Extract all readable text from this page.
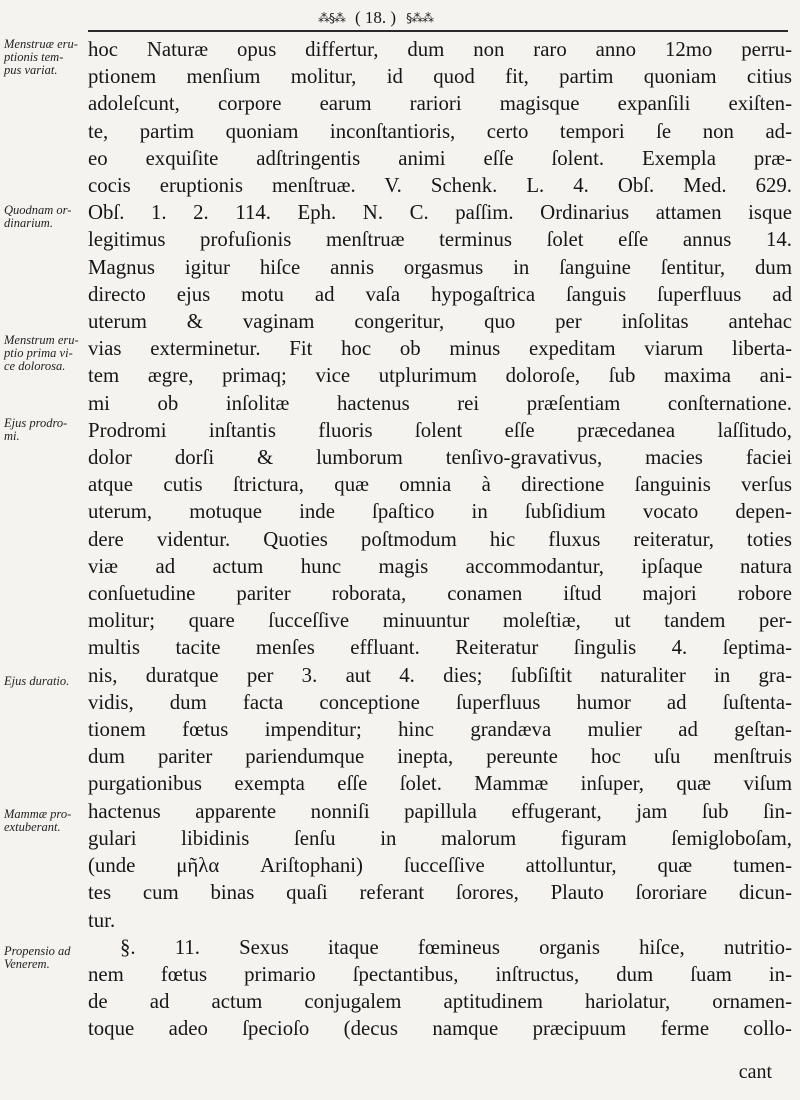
⁂§⁂ ( 18. ) §⁂⁂
Menstruæ eru-ptionis tem-pus variat.
Quodnam or-dinarium.
Menstrum eru-ptio prima vi-ce dolorosa.
Ejus prodro-mi.
Ejus duratio.
Mammæ pro-extuberant.
Propensio ad Venerem.
hoc Naturæ opus differtur, dum non raro anno 12mo perru-
ptionem menſium molitur, id quod fit, partim quoniam citius
adoleſcunt, corpore earum rariori magisque expanſili exiſten-
te, partim quoniam inconſtantioris, certo tempori ſe non ad-
eo exquiſite adſtringentis animi eſſe ſolent. Exempla præ-
cocis eruptionis menſtruæ. V. Schenk. L. 4. Obſ. Med. 629.
Obſ. 1. 2. 114. Eph. N. C. paſſim. Ordinarius attamen isque
legitimus profuſionis menſtruæ terminus ſolet eſſe annus 14.
Magnus igitur hiſce annis orgasmus in ſanguine ſentitur, dum
directo ejus motu ad vaſa hypogaſtrica ſanguis ſuperfluus ad
uterum & vaginam congeritur, quo per inſolitas antehac
vias exterminetur. Fit hoc ob minus expeditam viarum liberta-
tem ægre, primaq; vice utplurimum doloroſe, ſub maxima ani-
mi ob inſolitæ hactenus rei præſentiam conſternatione.
Prodromi inſtantis fluoris ſolent eſſe præcedanea laſſitudo,
dolor dorſi & lumborum tenſivo-gravativus, macies faciei
atque cutis ſtrictura, quæ omnia à directione ſanguinis verſus
uterum, motuque inde ſpaſtico in ſubſidium vocato depen-
dere videntur. Quoties poſtmodum hic fluxus reiteratur, toties
viæ ad actum hunc magis accommodantur, ipſaque natura
conſuetudine pariter roborata, conamen iſtud majori robore
molitur; quare ſucceſſive minuuntur moleſtiæ, ut tandem per-
multis tacite menſes effluant. Reiteratur ſingulis 4. ſeptima-
nis, duratque per 3. aut 4. dies; ſubſiſtit naturaliter in gra-
vidis, dum facta conceptione ſuperfluus humor ad ſuſtenta-
tionem fœtus impenditur; hinc grandæva mulier ad geſtan-
dum pariter pariendumque inepta, pereunte hoc uſu menſtruis
purgationibus exempta eſſe ſolet. Mammæ inſuper, quæ viſum
hactenus apparente nonniſi papillula effugerant, jam ſub ſin-
gulari libidinis ſenſu in malorum figuram ſemigloboſam,
(unde μῆλα Ariſtophani) ſucceſſive attolluntur, quæ tumen-
tes cum binas quaſi referant ſorores, Plauto ſororiare dicun-
tur.
§. 11. Sexus itaque fœmineus organis hiſce, nutritio-
nem fœtus primario ſpectantibus, inſtructus, dum ſuam in-
de ad actum conjugalem aptitudinem hariolatur, ornamen-
toque adeo ſpecioſo (decus namque præcipuum ferme collo-
cant
